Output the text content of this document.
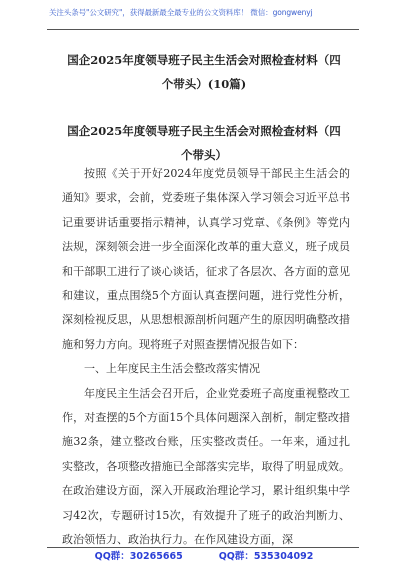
关注头条号"公文研究"，获得最新最全最专业的公文资料库！ 微信：gongwenyj
国企2025年度领导班子民主生活会对照检查材料（四个带头）(10篇)
国企2025年度领导班子民主生活会对照检查材料（四个带头）

按照《关于开好2024年度党员领导干部民主生活会的通知》要求，会前，党委班子集体深入学习领会习近平总书记重要讲话重要指示精神，认真学习党章、《条例》等党内法规，深刻领会进一步全面深化改革的重大意义，班子成员和干部职工进行了谈心谈话，征求了各层次、各方面的意见和建议，重点围绕5个方面认真查摆问题，进行党性分析，深刻检视反思，从思想根源剖析问题产生的原因明确整改措施和努力方向。现将班子对照查摆情况报告如下：

一、上年度民主生活会整改落实情况

年度民主生活会召开后，企业党委班子高度重视整改工作，对查摆的5个方面15个具体问题深入剖析，制定整改措施32条，建立整改台账，压实整改责任。一年来，通过扎实整改，各项整改措施已全部落实完毕，取得了明显成效。在政治建设方面，深入开展政治理论学习，累计组织集中学习42次，专题研讨15次，有效提升了班子的政治判断力、政治领悟力、政治执行力。在作风建设方面，深

QQ群：30265665	QQ群：535304092
